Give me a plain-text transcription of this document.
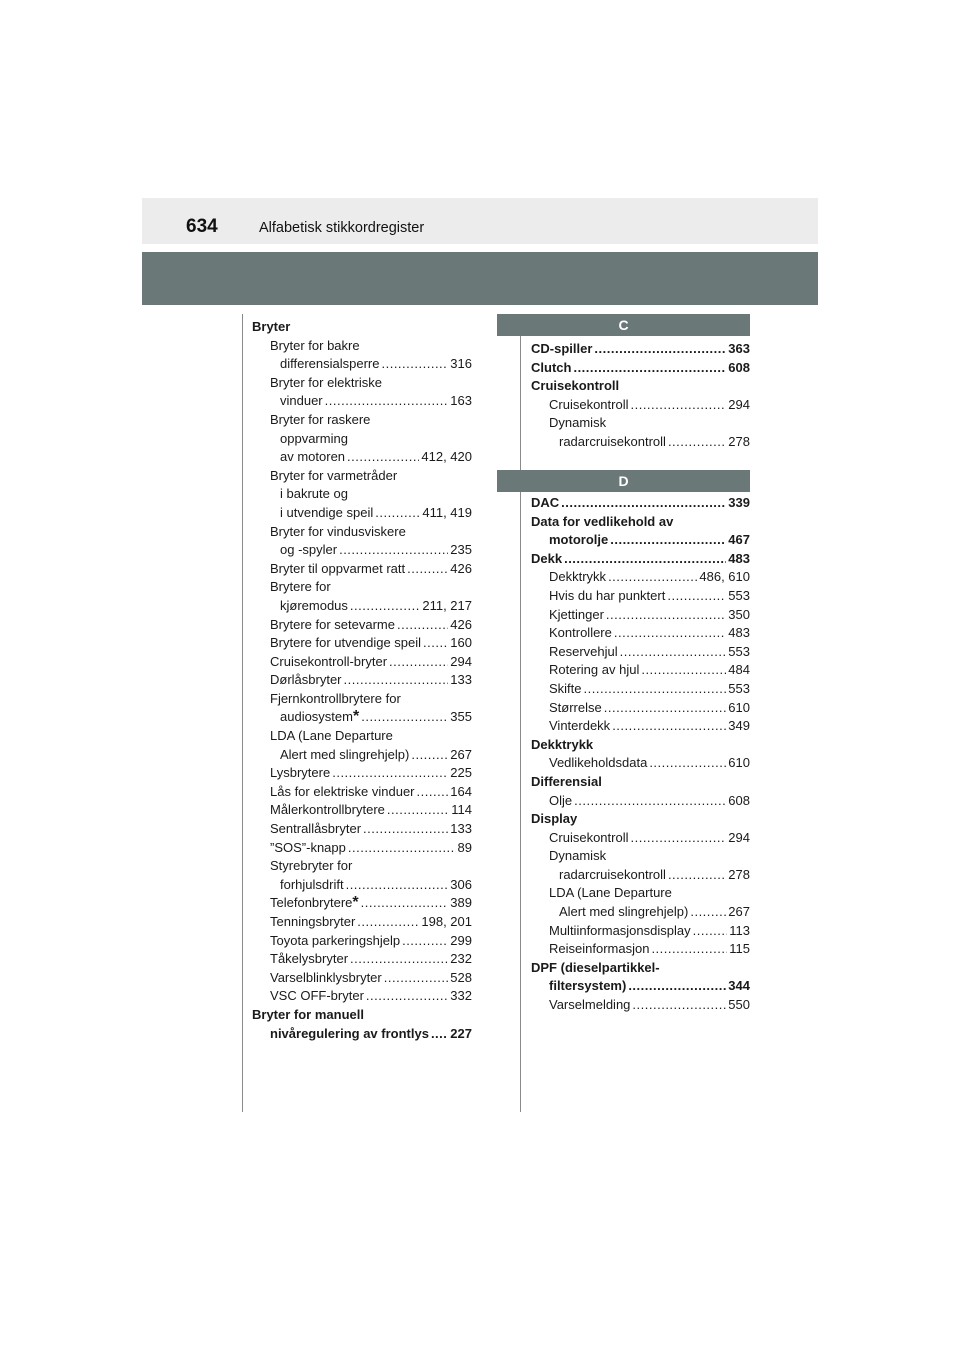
634	Alfabetisk stikkordregister
Bryter
Bryter for bakre
differensialsperre .....	316
Bryter for elektriske
vinduer .....	163
Bryter for raskere
oppvarming
av motoren .....	412, 420
Bryter for varmetråder
i bakrute og
i utvendige speil .....	411, 419
Bryter for vindusviskere
og -spyler .....	235
Bryter til oppvarmet ratt .....	426
Brytere for
kjøremodus .....	211, 217
Brytere for setevarme .....	426
Brytere for utvendige speil ..... 160
Cruisekontroll-bryter .....	294
Dørlåsbryter .....	133
Fjernkontrollbrytere for
audiosystem * .....	355
LDA (Lane Departure
Alert med slingrehjelp) .....	267
Lysbrytere .....	225
Lås for elektriske vinduer .....	164
Målerkontrollbrytere .....	114
Sentrallåsbryter .....	133
”SOS”-knapp .....	89
Styrebryter for
forhjulsdrift .....	306
Telefonbrytere * .....	389
Tenningsbryter .....	198, 201
Toyota parkeringshjelp .....	299
Tåkelysbryter .....	232
Varselblinklysbryter .....	528
VSC OFF-bryter .....	332
Bryter for manuell
nivåregulering av frontlys ..... 227
C
CD-spiller .....	363
Clutch .....	608
Cruisekontroll
Cruisekontroll .....	294
Dynamisk
radarcruisekontroll .....	278
D
DAC .....	339
Data for vedlikehold av
motorolje .....	467
Dekk .....	483
Dekktrykk .....	486, 610
Hvis du har punktert .....	553
Kjettinger .....	350
Kontrollere .....	483
Reservehjul .....	553
Rotering av hjul .....	484
Skifte .....	553
Størrelse .....	610
Vinterdekk .....	349
Dekktrykk
Vedlikeholdsdata .....	610
Differensial
Olje .....	608
Display
Cruisekontroll .....	294
Dynamisk
radarcruisekontroll .....	278
LDA (Lane Departure
Alert med slingrehjelp) .....	267
Multiinformasjonsdisplay .....	113
Reiseinformasjon .....	115
DPF (dieselpartikkel-
filtersystem) .....	344
Varselmelding .....	550
